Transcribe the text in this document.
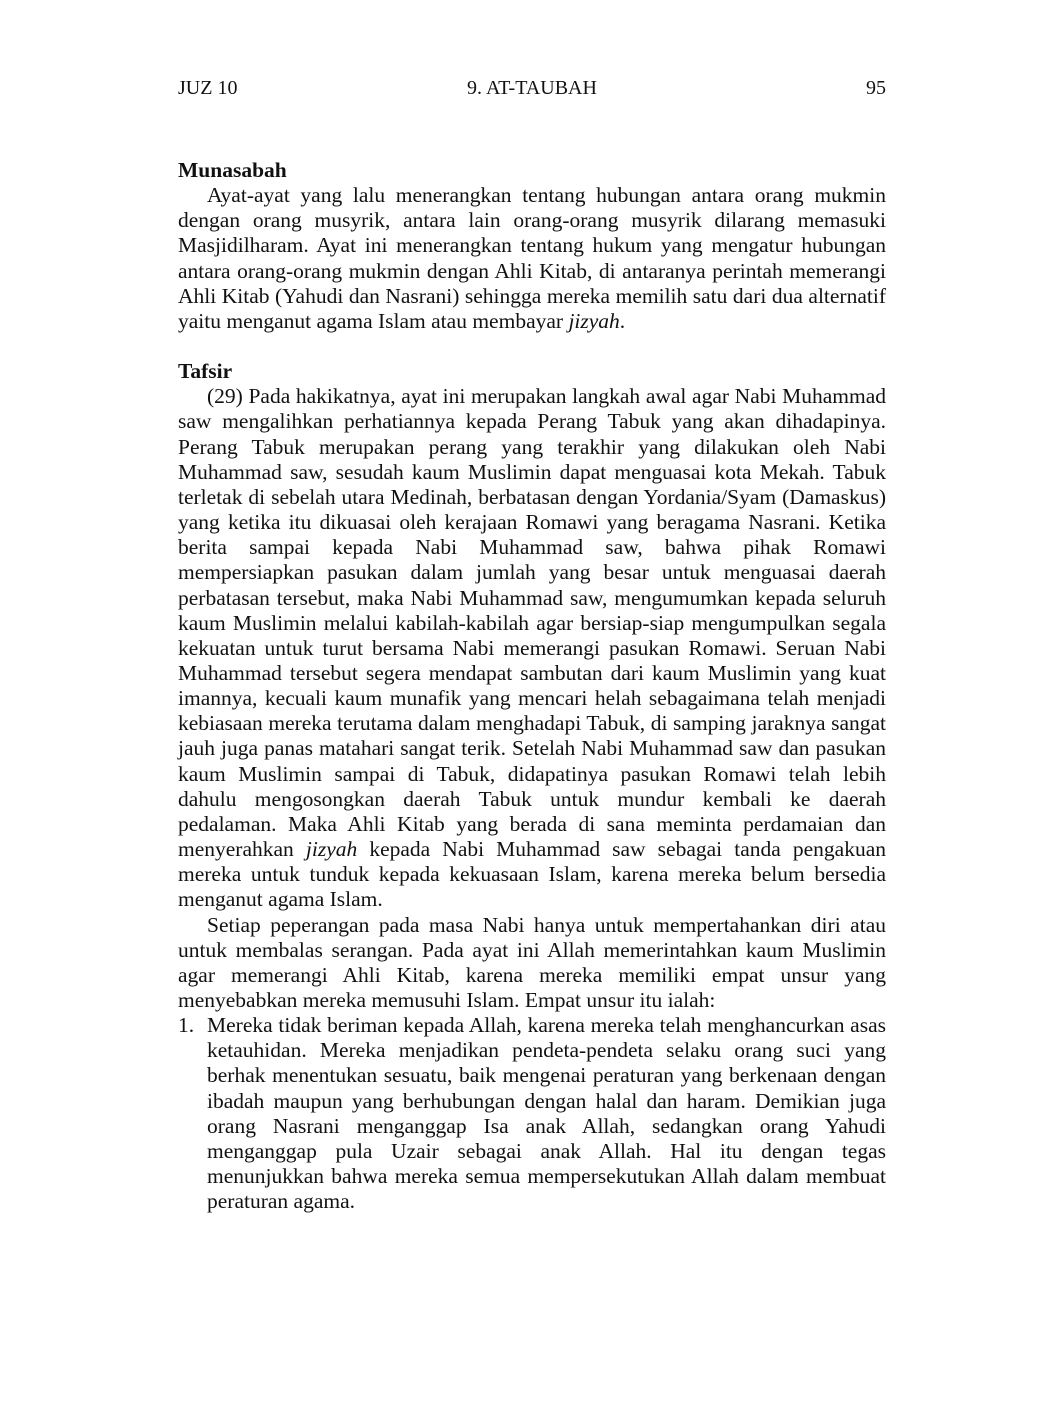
JUZ 10	9. AT-TAUBAH	95
Munasabah

Ayat-ayat yang lalu menerangkan tentang hubungan antara orang mukmin dengan orang musyrik, antara lain orang-orang musyrik dilarang memasuki Masjidilharam. Ayat ini menerangkan tentang hukum yang mengatur hubungan antara orang-orang mukmin dengan Ahli Kitab, di antaranya perintah memerangi Ahli Kitab (Yahudi dan Nasrani) sehingga mereka memilih satu dari dua alternatif yaitu menganut agama Islam atau membayar jizyah.

Tafsir

(29) Pada hakikatnya, ayat ini merupakan langkah awal agar Nabi Muhammad saw mengalihkan perhatiannya kepada Perang Tabuk yang akan dihadapinya. Perang Tabuk merupakan perang yang terakhir yang dilakukan oleh Nabi Muhammad saw, sesudah kaum Muslimin dapat menguasai kota Mekah. Tabuk terletak di sebelah utara Medinah, berbatasan dengan Yordania/Syam (Damaskus) yang ketika itu dikuasai oleh kerajaan Romawi yang beragama Nasrani. Ketika berita sampai kepada Nabi Muhammad saw, bahwa pihak Romawi mempersiapkan pasukan dalam jumlah yang besar untuk menguasai daerah perbatasan tersebut, maka Nabi Muhammad saw, mengumumkan kepada seluruh kaum Muslimin melalui kabilah-kabilah agar bersiap-siap mengumpulkan segala kekuatan untuk turut bersama Nabi memerangi pasukan Romawi. Seruan Nabi Muhammad tersebut segera mendapat sambutan dari kaum Muslimin yang kuat imannya, kecuali kaum munafik yang mencari helah sebagaimana telah menjadi kebiasaan mereka terutama dalam menghadapi Tabuk, di samping jaraknya sangat jauh juga panas matahari sangat terik. Setelah Nabi Muhammad saw dan pasukan kaum Muslimin sampai di Tabuk, didapatinya pasukan Romawi telah lebih dahulu mengosongkan daerah Tabuk untuk mundur kembali ke daerah pedalaman. Maka Ahli Kitab yang berada di sana meminta perdamaian dan menyerahkan jizyah kepada Nabi Muhammad saw sebagai tanda pengakuan mereka untuk tunduk kepada kekuasaan Islam, karena mereka belum bersedia menganut agama Islam.

Setiap peperangan pada masa Nabi hanya untuk mempertahankan diri atau untuk membalas serangan. Pada ayat ini Allah memerintahkan kaum Muslimin agar memerangi Ahli Kitab, karena mereka memiliki empat unsur yang menyebabkan mereka memusuhi Islam. Empat unsur itu ialah:

1. Mereka tidak beriman kepada Allah, karena mereka telah menghancurkan asas ketauhidan. Mereka menjadikan pendeta-pendeta selaku orang suci yang berhak menentukan sesuatu, baik mengenai peraturan yang berkenaan dengan ibadah maupun yang berhubungan dengan halal dan haram. Demikian juga orang Nasrani menganggap Isa anak Allah, sedangkan orang Yahudi menganggap pula Uzair sebagai anak Allah. Hal itu dengan tegas menunjukkan bahwa mereka semua mempersekutukan Allah dalam membuat peraturan agama.
